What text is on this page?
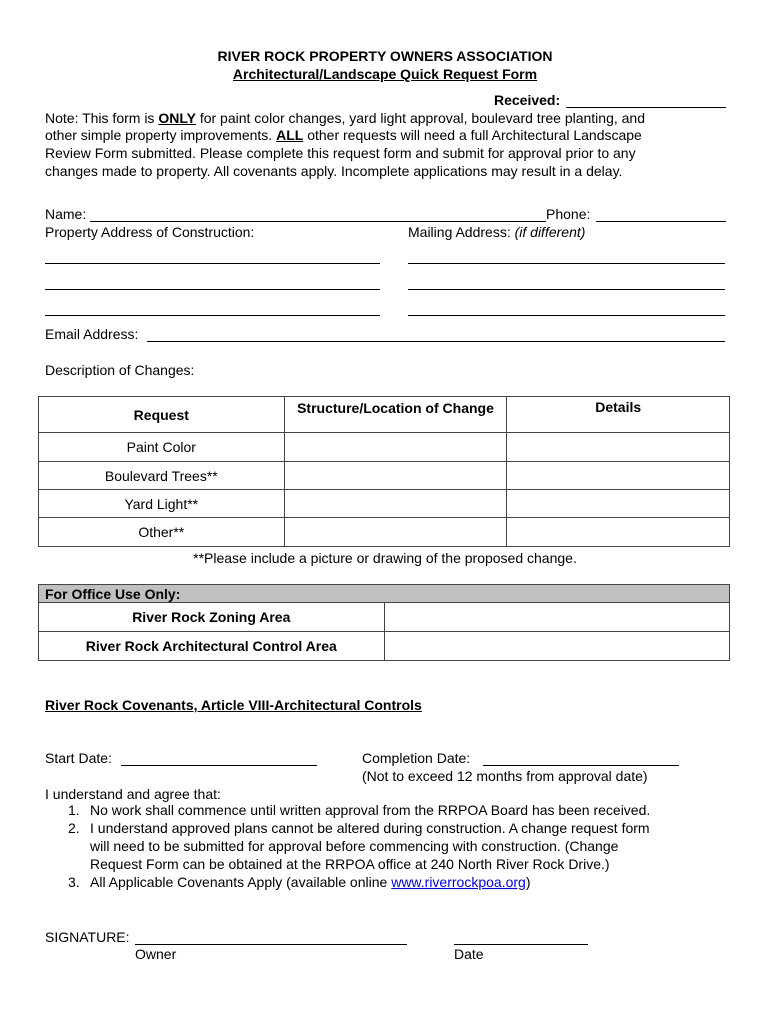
RIVER ROCK PROPERTY OWNERS ASSOCIATION
Architectural/Landscape Quick Request Form
Received:
Note: This form is ONLY for paint color changes, yard light approval, boulevard tree planting, and
other simple property improvements. ALL other requests will need a full Architectural Landscape
Review Form submitted. Please complete this request form and submit for approval prior to any
changes made to property. All covenants apply. Incomplete applications may result in a delay.
Name:	Phone:
Property Address of Construction:	Mailing Address: (if different)
Email Address:
Description of Changes:
Request	Structure/Location of Change	Details
Paint Color		
Boulevard Trees**		
Yard Light**		
Other**		
**Please include a picture or drawing of the proposed change.
For Office Use Only:	
River Rock Zoning Area	
River Rock Architectural Control Area	
River Rock Covenants, Article VIII-Architectural Controls
Start Date:	Completion Date:
(Not to exceed 12 months from approval date)
I understand and agree that:
1. No work shall commence until written approval from the RRPOA Board has been received.
2. I understand approved plans cannot be altered during construction. A change request form
will need to be submitted for approval before commencing with construction. (Change
Request Form can be obtained at the RRPOA office at 240 North River Rock Drive.)
3. All Applicable Covenants Apply (available online www.riverrockpoa.org)
SIGNATURE:
Owner	Date
